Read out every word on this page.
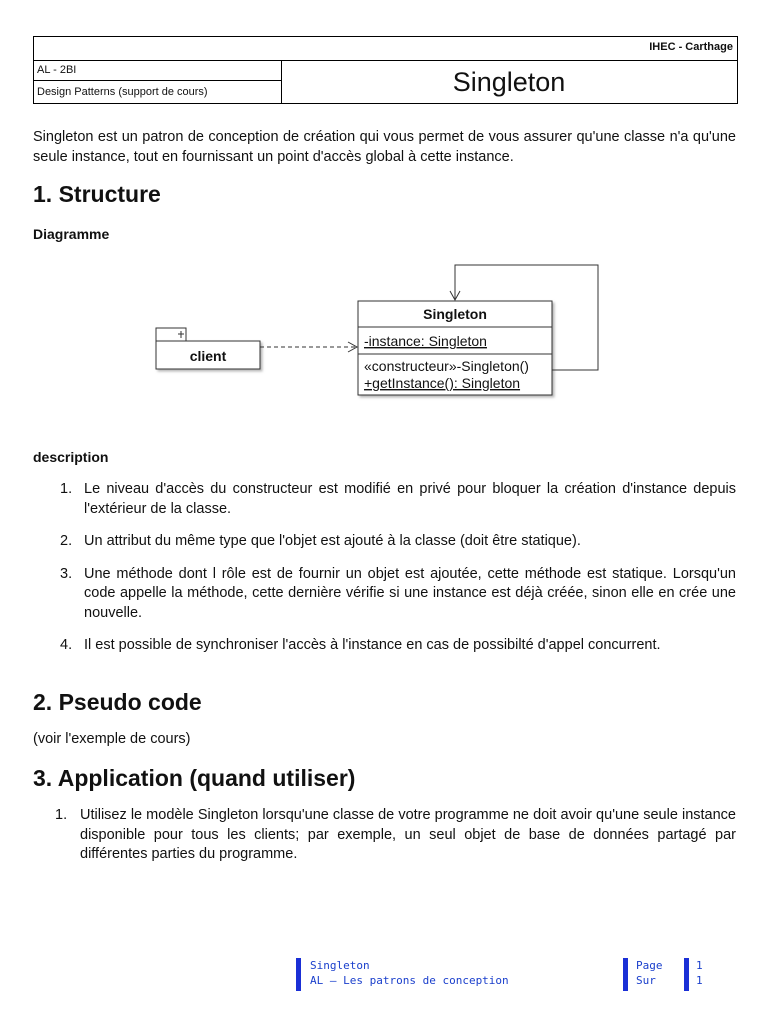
IHEC - Carthage
AL - 2BI
Design Patterns (support de cours)	Singleton

Singleton est un patron de conception de création qui vous permet de vous assurer qu'une classe n'a qu'une seule instance, tout en fournissant un point d'accès global à cette instance.

1. Structure
Diagramme
client
Singleton
-instance: Singleton
«constructeur»-Singleton()
+getInstance(): Singleton
description
1. Le niveau d'accès du constructeur est modifié en privé pour bloquer la création d'instance depuis l'extérieur de la classe.
2. Un attribut du même type que l'objet est ajouté à la classe (doit être statique).
3. Une méthode dont l rôle est de fournir un objet est ajoutée, cette méthode est statique. Lorsqu'un code appelle la méthode, cette dernière vérifie si une instance est déjà créée, sinon elle en crée une nouvelle.
4. Il est possible de synchroniser l'accès à l'instance en cas de possibilté d'appel concurrent.
2. Pseudo code
(voir l'exemple de cours)
3. Application (quand utiliser)
1. Utilisez le modèle Singleton lorsqu'une classe de votre programme ne doit avoir qu'une seule instance disponible pour tous les clients; par exemple, un seul objet de base de données partagé par différentes parties du programme.
Singleton
AL – Les patrons de conception
Page
Sur
1
1
